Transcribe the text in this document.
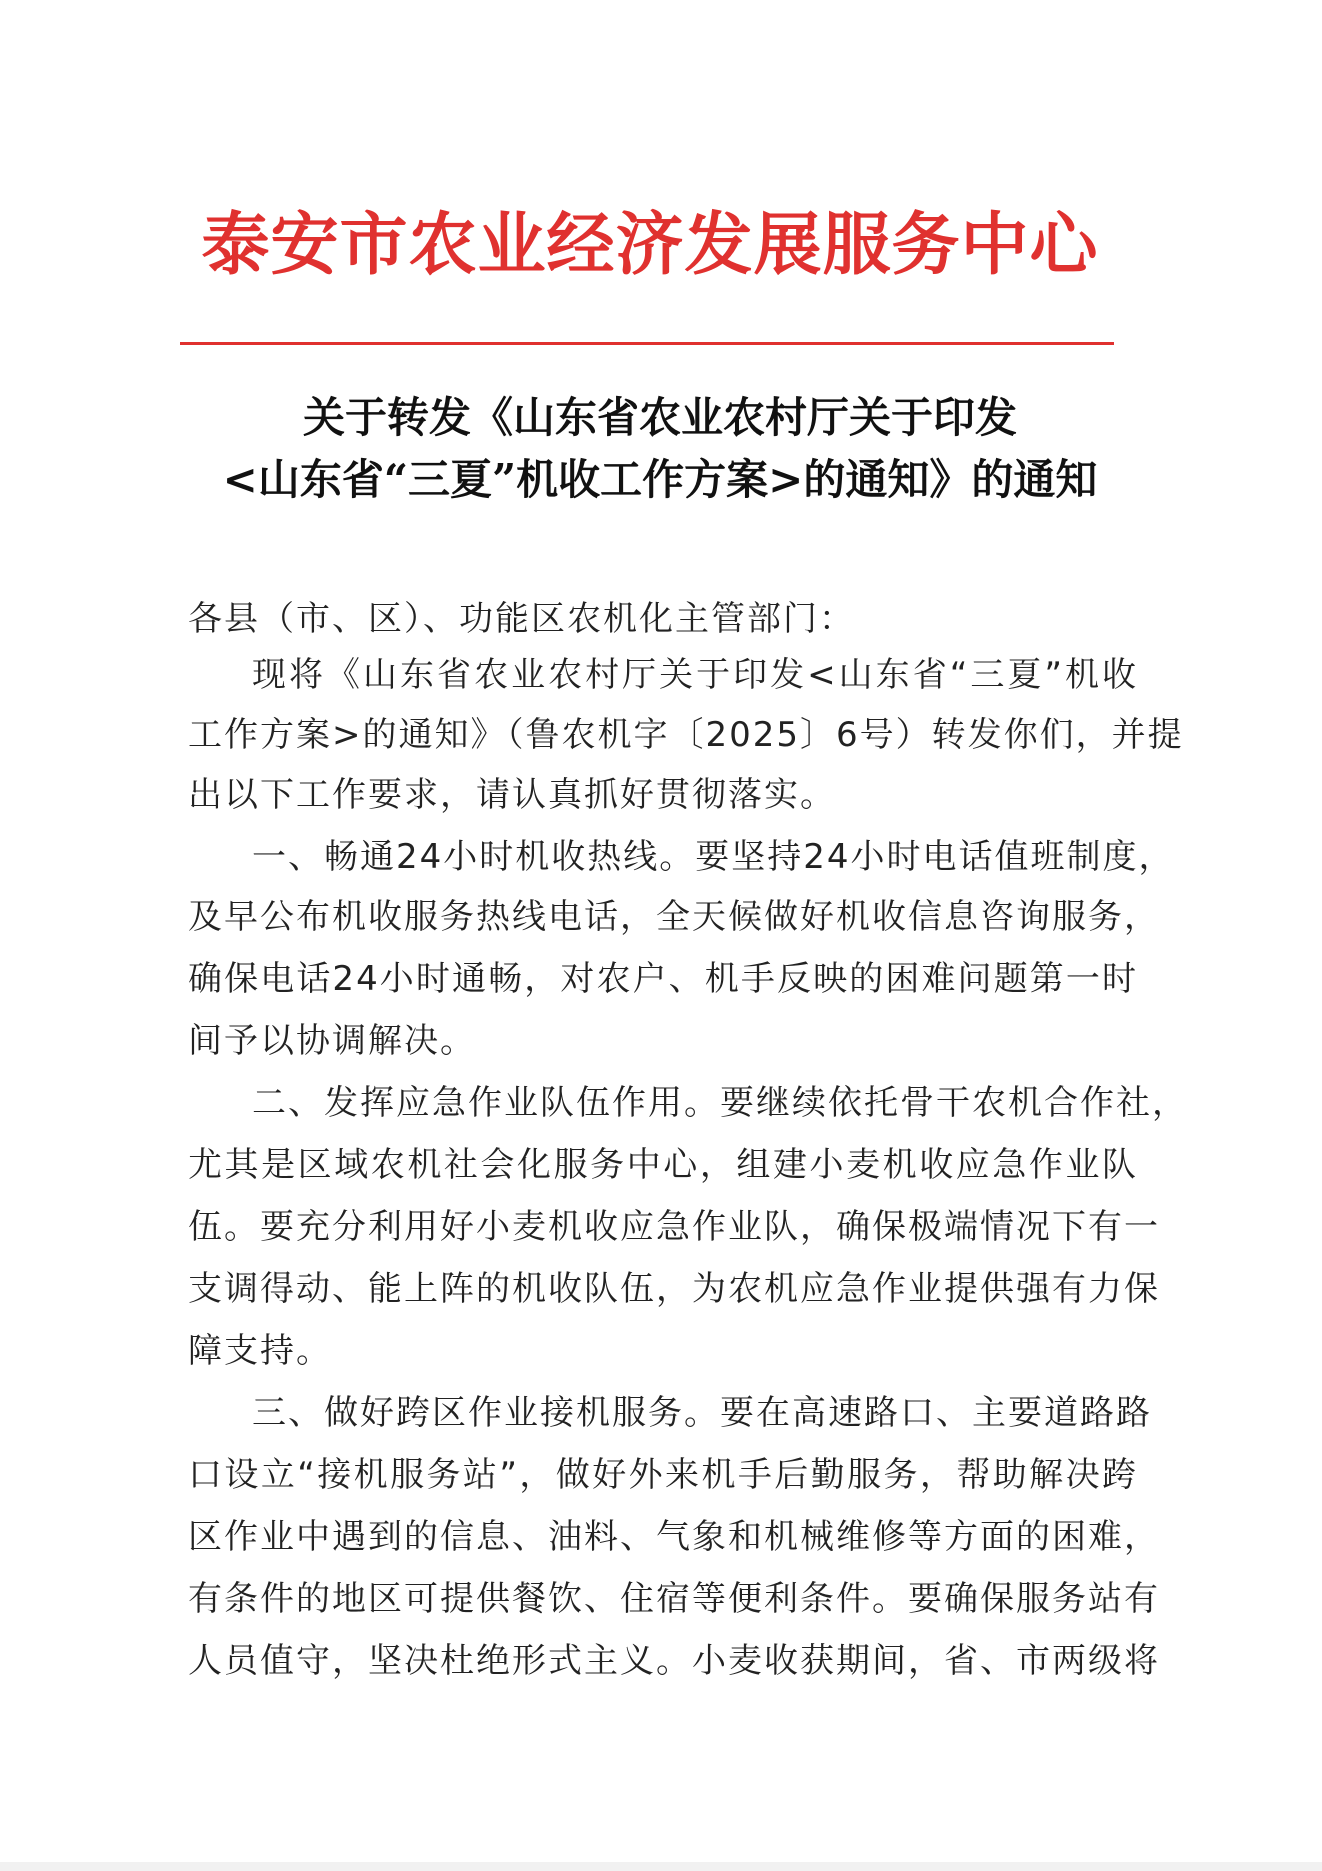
泰安市农业经济发展服务中心
关于转发《山东省农业农村厅关于印发
<山东省“三夏”机收工作方案>的通知》的通知
各县（市、区）、功能区农机化主管部门：
现将《山东省农业农村厅关于印发<山东省“三夏”机收
工作方案>的通知》（鲁农机字〔2025〕6号）转发你们，并提
出以下工作要求，请认真抓好贯彻落实。
一、畅通24小时机收热线。要坚持24小时电话值班制度，
及早公布机收服务热线电话，全天候做好机收信息咨询服务，
确保电话24小时通畅，对农户、机手反映的困难问题第一时
间予以协调解决。
二、发挥应急作业队伍作用。要继续依托骨干农机合作社，
尤其是区域农机社会化服务中心，组建小麦机收应急作业队
伍。要充分利用好小麦机收应急作业队，确保极端情况下有一
支调得动、能上阵的机收队伍，为农机应急作业提供强有力保
障支持。
三、做好跨区作业接机服务。要在高速路口、主要道路路
口设立“接机服务站”，做好外来机手后勤服务，帮助解决跨
区作业中遇到的信息、油料、气象和机械维修等方面的困难，
有条件的地区可提供餐饮、住宿等便利条件。要确保服务站有
人员值守，坚决杜绝形式主义。小麦收获期间，省、市两级将
